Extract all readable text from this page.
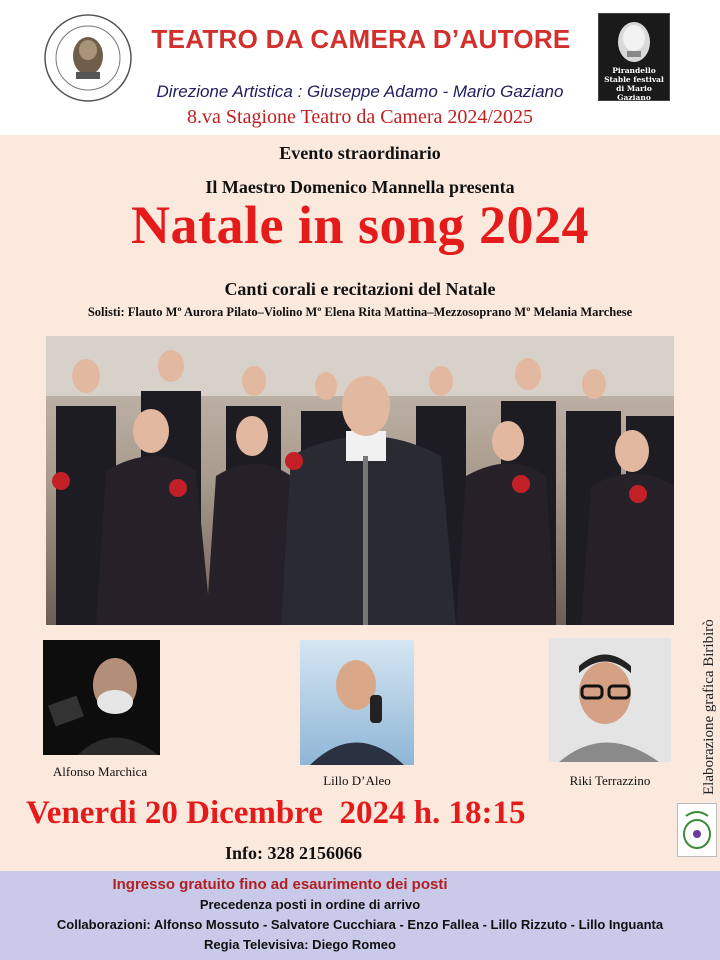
TEATRO DA CAMERA D’AUTORE
Pirandello
Stable festival
di Mario Gaziano
Direzione Artistica : Giuseppe Adamo - Mario Gaziano
8.va Stagione Teatro da Camera 2024/2025
Evento straordinario
Il Maestro Domenico Mannella presenta
Natale in song 2024
Canti corali e recitazioni del Natale
Solisti: Flauto Mº Aurora Pilato–Violino Mº Elena Rita Mattina–Mezzosoprano Mº Melania Marchese
Alfonso Marchica
Lillo D’Aleo	Riki Terrazzino	Elaborazione grafica Biribirò
Venerdi 20 Dicembre  2024 h. 18:15
Info: 328 2156066
Ingresso gratuito fino ad esaurimento dei posti
Precedenza posti in ordine di arrivo
Collaborazioni: Alfonso Mossuto - Salvatore Cucchiara - Enzo Fallea - Lillo Rizzuto - Lillo Inguanta
Regia Televisiva: Diego Romeo
